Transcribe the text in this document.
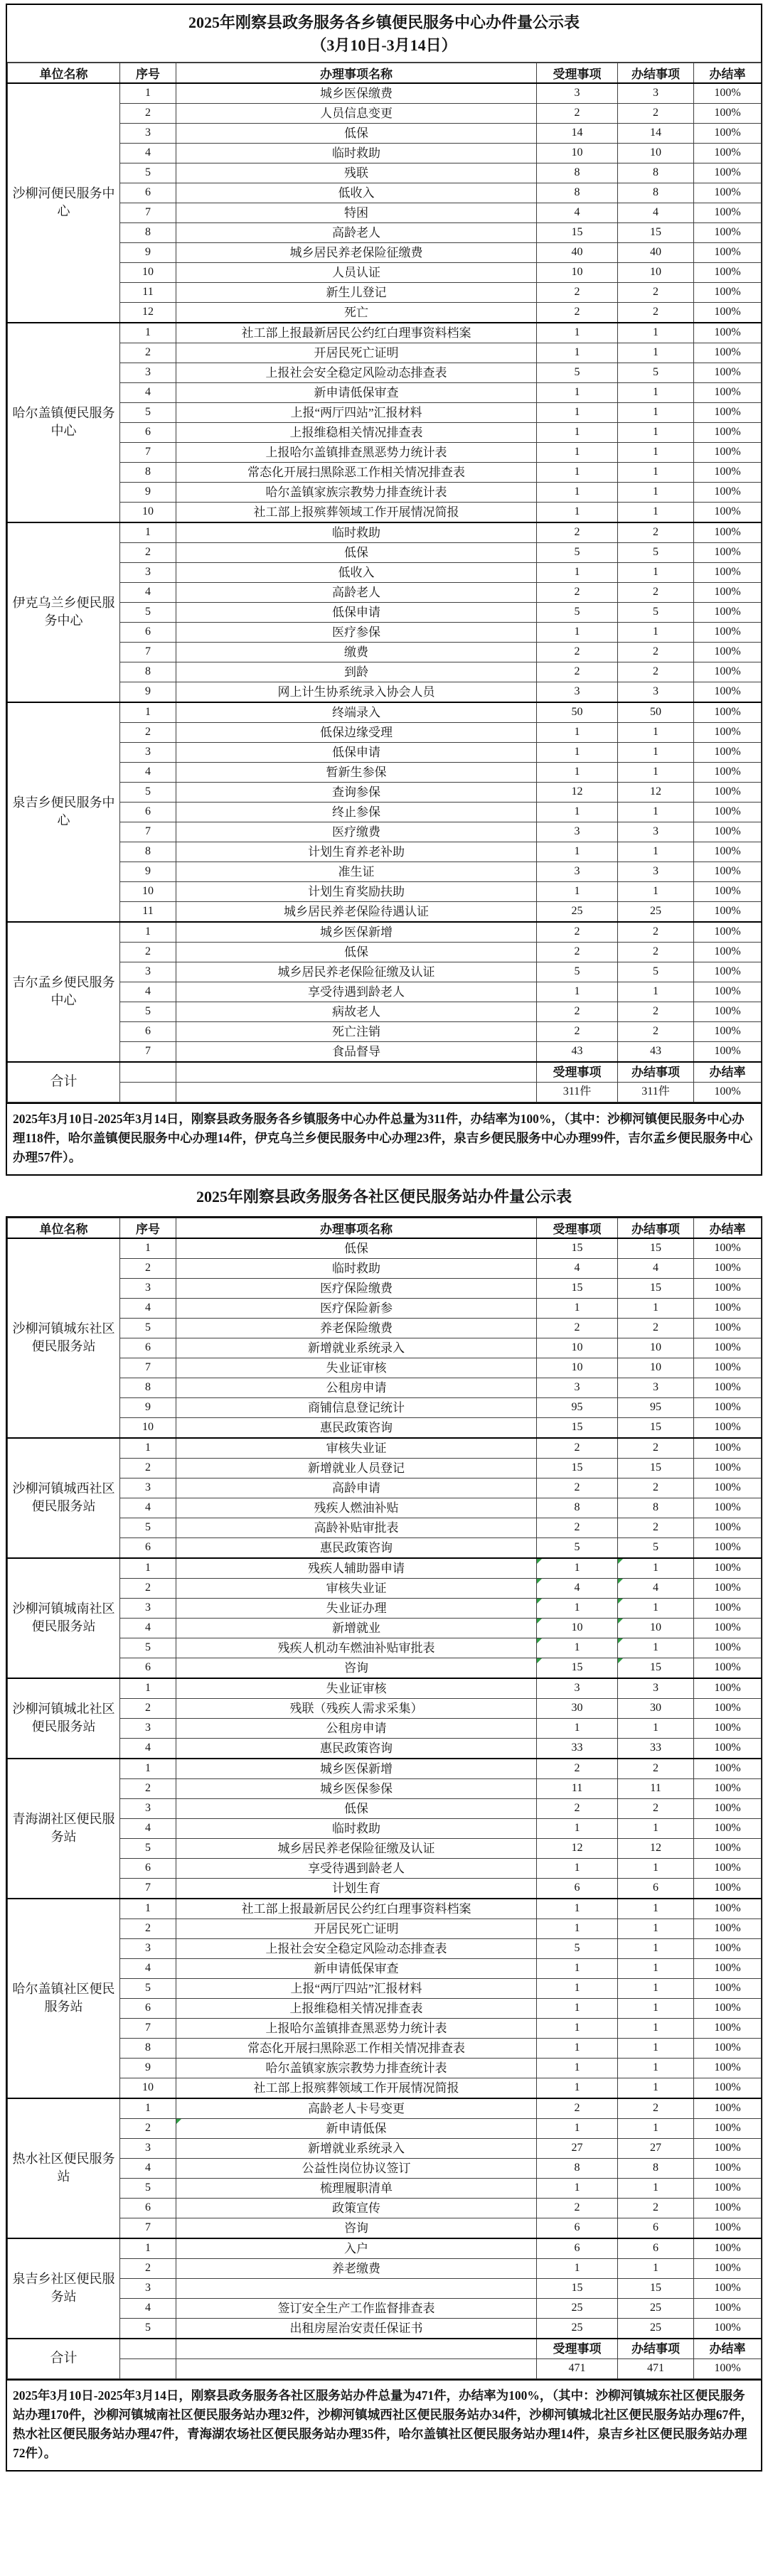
2025年刚察县政务服务各乡镇便民服务中心办件量公示表
（3月10日-3月14日）
单位名称	序号	办理事项名称	受理事项	办结事项	办结率
沙柳河便民服务中心	1	城乡医保缴费	3	3	100%
	2	人员信息变更	2	2	100%
	3	低保	14	14	100%
	4	临时救助	10	10	100%
	5	残联	8	8	100%
	6	低收入	8	8	100%
	7	特困	4	4	100%
	8	高龄老人	15	15	100%
	9	城乡居民养老保险征缴费	40	40	100%
	10	人员认证	10	10	100%
	11	新生儿登记	2	2	100%
	12	死亡	2	2	100%
哈尔盖镇便民服务中心	1	社工部上报最新居民公约红白理事资料档案	1	1	100%
	2	开居民死亡证明	1	1	100%
	3	上报社会安全稳定风险动态排查表	5	5	100%
	4	新申请低保审查	1	1	100%
	5	上报“两厅四站”汇报材料	1	1	100%
	6	上报维稳相关情况排查表	1	1	100%
	7	上报哈尔盖镇排查黑恶势力统计表	1	1	100%
	8	常态化开展扫黑除恶工作相关情况排查表	1	1	100%
	9	哈尔盖镇家族宗教势力排查统计表	1	1	100%
	10	社工部上报殡葬领域工作开展情况简报	1	1	100%
伊克乌兰乡便民服务中心	1	临时救助	2	2	100%
	2	低保	5	5	100%
	3	低收入	1	1	100%
	4	高龄老人	2	2	100%
	5	低保申请	5	5	100%
	6	医疗参保	1	1	100%
	7	缴费	2	2	100%
	8	到龄	2	2	100%
	9	网上计生协系统录入协会人员	3	3	100%
泉吉乡便民服务中心	1	终端录入	50	50	100%
	2	低保边缘受理	1	1	100%
	3	低保申请	1	1	100%
	4	暂新生参保	1	1	100%
	5	查询参保	12	12	100%
	6	终止参保	1	1	100%
	7	医疗缴费	3	3	100%
	8	计划生育养老补助	1	1	100%
	9	准生证	3	3	100%
	10	计划生育奖励扶助	1	1	100%
	11	城乡居民养老保险待遇认证	25	25	100%
吉尔孟乡便民服务中心	1	城乡医保新增	2	2	100%
	2	低保	2	2	100%
	3	城乡居民养老保险征缴及认证	5	5	100%
	4	享受待遇到龄老人	1	1	100%
	5	病故老人	2	2	100%
	6	死亡注销	2	2	100%
	7	食品督导	43	43	100%
合计			受理事项	办结事项	办结率
			311件	311件	100%
2025年3月10日-2025年3月14日，刚察县政务服务各乡镇服务中心办件总量为311件，办结率为100%，（其中：沙柳河镇便民服务中心办理118件，哈尔盖镇便民服务中心办理14件，伊克乌兰乡便民服务中心办理23件，泉吉乡便民服务中心办理99件，吉尔孟乡便民服务中心办理57件）。
2025年刚察县政务服务各社区便民服务站办件量公示表
单位名称	序号	办理事项名称	受理事项	办结事项	办结率
沙柳河镇城东社区便民服务站	1	低保	15	15	100%
	2	临时救助	4	4	100%
	3	医疗保险缴费	15	15	100%
	4	医疗保险新参	1	1	100%
	5	养老保险缴费	2	2	100%
	6	新增就业系统录入	10	10	100%
	7	失业证审核	10	10	100%
	8	公租房申请	3	3	100%
	9	商铺信息登记统计	95	95	100%
	10	惠民政策咨询	15	15	100%
沙柳河镇城西社区便民服务站	1	审核失业证	2	2	100%
	2	新增就业人员登记	15	15	100%
	3	高龄申请	2	2	100%
	4	残疾人燃油补贴	8	8	100%
	5	高龄补贴审批表	2	2	100%
	6	惠民政策咨询	5	5	100%
沙柳河镇城南社区便民服务站	1	残疾人辅助器申请	1	1	100%
	2	审核失业证	4	4	100%
	3	失业证办理	1	1	100%
	4	新增就业	10	10	100%
	5	残疾人机动车燃油补贴审批表	1	1	100%
	6	咨询	15	15	100%
沙柳河镇城北社区便民服务站	1	失业证审核	3	3	100%
	2	残联（残疾人需求采集）	30	30	100%
	3	公租房申请	1	1	100%
	4	惠民政策咨询	33	33	100%
青海湖社区便民服务站	1	城乡医保新增	2	2	100%
	2	城乡医保参保	11	11	100%
	3	低保	2	2	100%
	4	临时救助	1	1	100%
	5	城乡居民养老保险征缴及认证	12	12	100%
	6	享受待遇到龄老人	1	1	100%
	7	计划生育	6	6	100%
哈尔盖镇社区便民服务站	1	社工部上报最新居民公约红白理事资料档案	1	1	100%
	2	开居民死亡证明	1	1	100%
	3	上报社会安全稳定风险动态排查表	5	1	100%
	4	新申请低保审查	1	1	100%
	5	上报“两厅四站”汇报材料	1	1	100%
	6	上报维稳相关情况排查表	1	1	100%
	7	上报哈尔盖镇排查黑恶势力统计表	1	1	100%
	8	常态化开展扫黑除恶工作相关情况排查表	1	1	100%
	9	哈尔盖镇家族宗教势力排查统计表	1	1	100%
	10	社工部上报殡葬领域工作开展情况简报	1	1	100%
热水社区便民服务站	1	高龄老人卡号变更	2	2	100%
	2	新申请低保	1	1	100%
	3	新增就业系统录入	27	27	100%
	4	公益性岗位协议签订	8	8	100%
	5	梳理履职清单	1	1	100%
	6	政策宣传	2	2	100%
	7	咨询	6	6	100%
泉吉乡社区便民服务站	1	入户	6	6	100%
	2	养老缴费	1	1	100%
	3		15	15	100%
	4	签订安全生产工作监督排查表	25	25	100%
	5	出租房屋治安责任保证书	25	25	100%
合计			受理事项	办结事项	办结率
			471	471	100%
2025年3月10日-2025年3月14日，刚察县政务服务各社区服务站办件总量为471件，办结率为100%，（其中：沙柳河镇城东社区便民服务站办理170件，沙柳河镇城南社区便民服务站办理32件，沙柳河镇城西社区便民服务站办34件，沙柳河镇城北社区便民服务站办理67件，热水社区便民服务站办理47件，青海湖农场社区便民服务站办理35件，哈尔盖镇社区便民服务站办理14件，泉吉乡社区便民服务站办理72件）。
